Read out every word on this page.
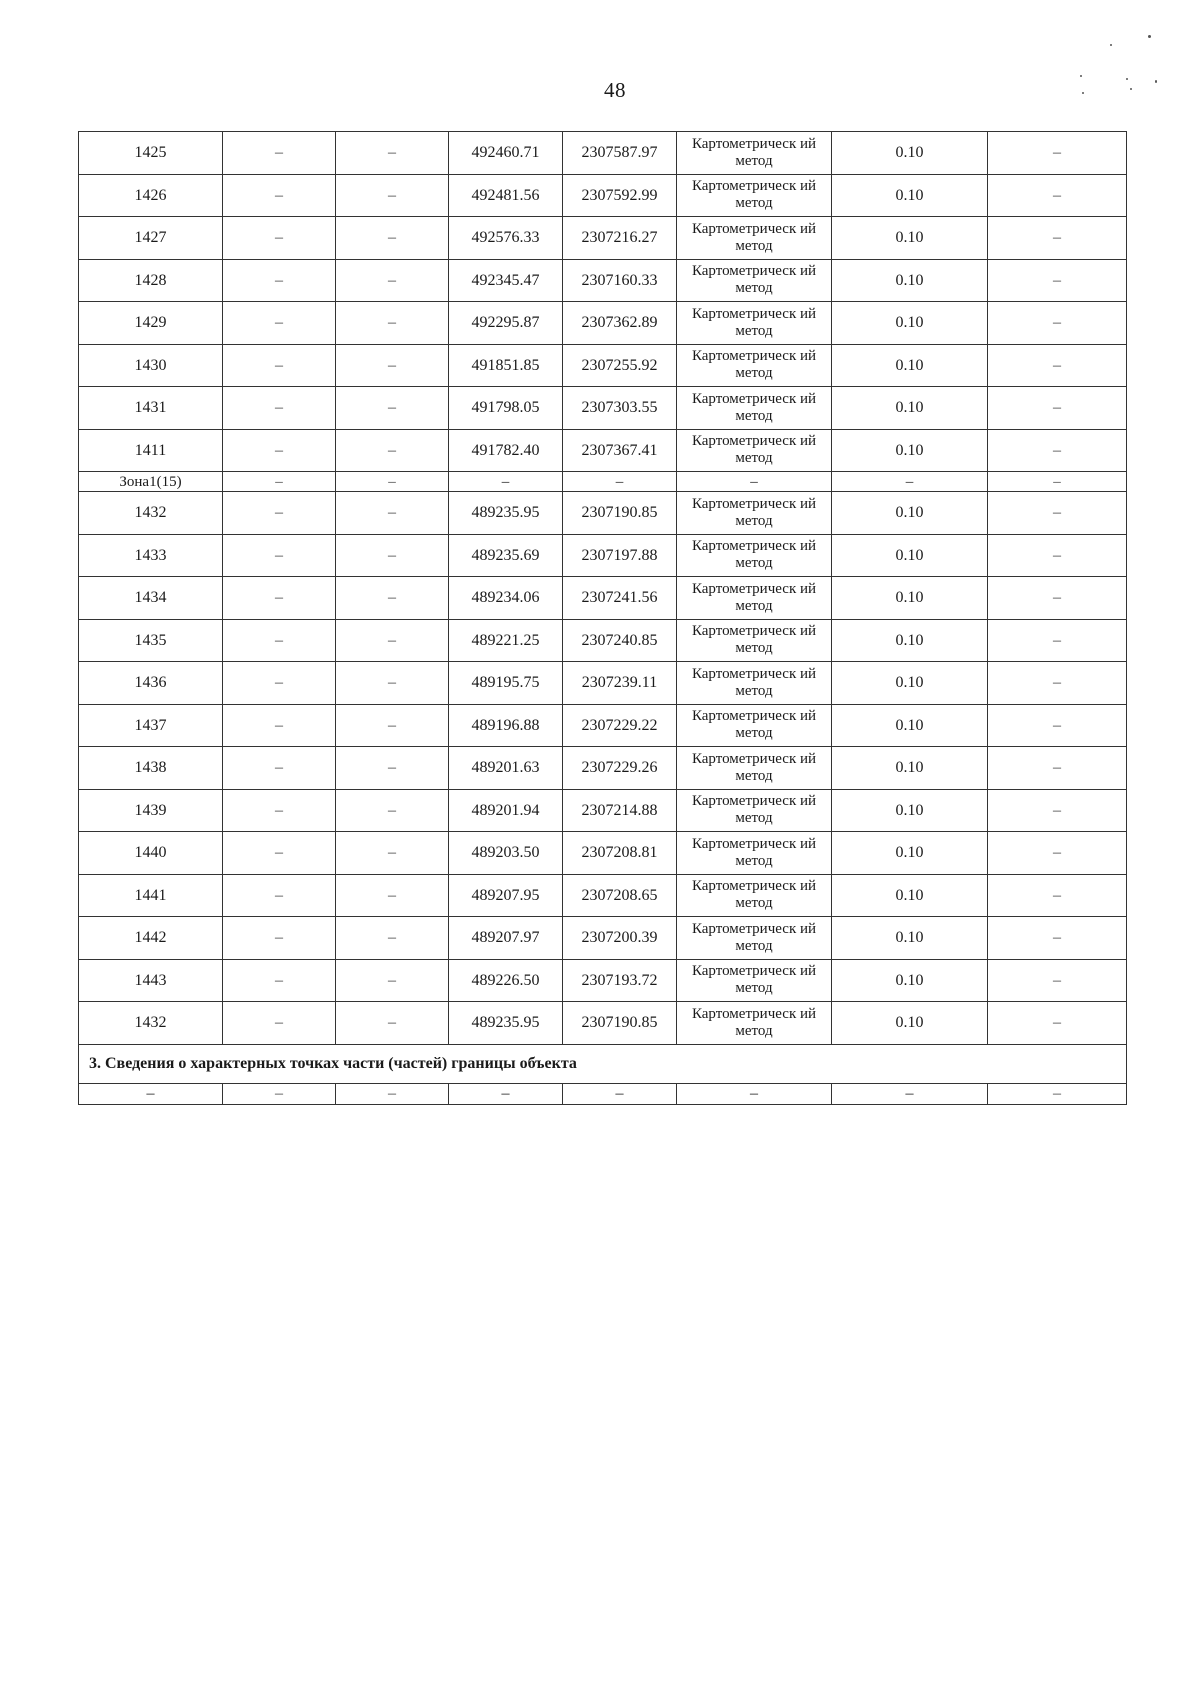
48
1425	–	–	492460.71	2307587.97	Картометрическ ий метод	0.10	–
1426	–	–	492481.56	2307592.99	Картометрическ ий метод	0.10	–
1427	–	–	492576.33	2307216.27	Картометрическ ий метод	0.10	–
1428	–	–	492345.47	2307160.33	Картометрическ ий метод	0.10	–
1429	–	–	492295.87	2307362.89	Картометрическ ий метод	0.10	–
1430	–	–	491851.85	2307255.92	Картометрическ ий метод	0.10	–
1431	–	–	491798.05	2307303.55	Картометрическ ий метод	0.10	–
1411	–	–	491782.40	2307367.41	Картометрическ ий метод	0.10	–
Зона1(15)	–	–	–	–	–	–	–
1432	–	–	489235.95	2307190.85	Картометрическ ий метод	0.10	–
1433	–	–	489235.69	2307197.88	Картометрическ ий метод	0.10	–
1434	–	–	489234.06	2307241.56	Картометрическ ий метод	0.10	–
1435	–	–	489221.25	2307240.85	Картометрическ ий метод	0.10	–
1436	–	–	489195.75	2307239.11	Картометрическ ий метод	0.10	–
1437	–	–	489196.88	2307229.22	Картометрическ ий метод	0.10	–
1438	–	–	489201.63	2307229.26	Картометрическ ий метод	0.10	–
1439	–	–	489201.94	2307214.88	Картометрическ ий метод	0.10	–
1440	–	–	489203.50	2307208.81	Картометрическ ий метод	0.10	–
1441	–	–	489207.95	2307208.65	Картометрическ ий метод	0.10	–
1442	–	–	489207.97	2307200.39	Картометрическ ий метод	0.10	–
1443	–	–	489226.50	2307193.72	Картометрическ ий метод	0.10	–
1432	–	–	489235.95	2307190.85	Картометрическ ий метод	0.10	–
3. Сведения о характерных точках части (частей) границы объекта							
–	–	–	–	–	–	–	–
